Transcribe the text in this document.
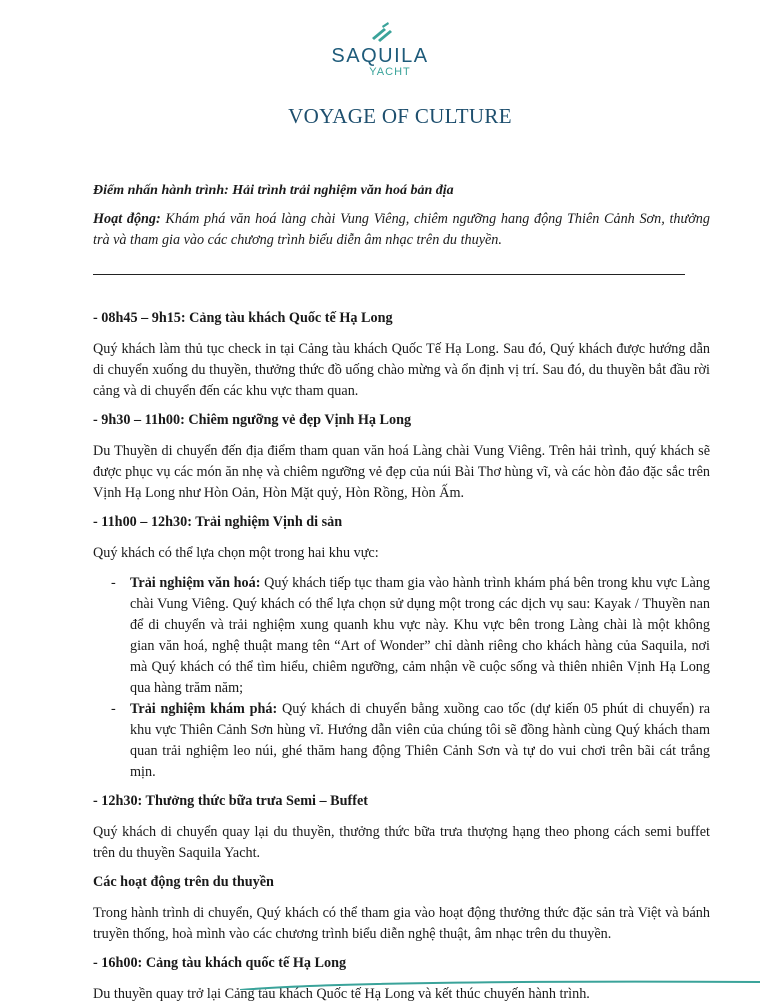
SAQUILA
YACHT
VOYAGE OF CULTURE

Điểm nhấn hành trình: Hải trình trải nghiệm văn hoá bản địa

Hoạt động: Khám phá văn hoá làng chài Vung Viêng, chiêm ngưỡng hang động Thiên Cảnh Sơn, thưởng trà và tham gia vào các chương trình biểu diễn âm nhạc trên du thuyền.

- 08h45 – 9h15: Cảng tàu khách Quốc tế Hạ Long

Quý khách làm thủ tục check in tại Cảng tàu khách Quốc Tế Hạ Long. Sau đó, Quý khách được hướng dẫn di chuyển xuống du thuyền, thưởng thức đồ uống chào mừng và ổn định vị trí. Sau đó, du thuyền bắt đầu rời cảng và di chuyển đến các khu vực tham quan.

- 9h30 – 11h00: Chiêm ngưỡng vẻ đẹp Vịnh Hạ Long

Du Thuyền di chuyển đến địa điểm tham quan văn hoá Làng chài Vung Viêng. Trên hải trình, quý khách sẽ được phục vụ các món ăn nhẹ và chiêm ngưỡng vẻ đẹp của núi Bài Thơ hùng vĩ, và các hòn đảo đặc sắc trên Vịnh Hạ Long như Hòn Oản, Hòn Mặt quỷ, Hòn Rồng, Hòn Ấm.

- 11h00 – 12h30: Trải nghiệm Vịnh di sản

Quý khách có thể lựa chọn một trong hai khu vực:

- Trải nghiệm văn hoá: Quý khách tiếp tục tham gia vào hành trình khám phá bên trong khu vực Làng chài Vung Viêng. Quý khách có thể lựa chọn sử dụng một trong các dịch vụ sau: Kayak / Thuyền nan để di chuyển và trải nghiệm xung quanh khu vực này. Khu vực bên trong Làng chài là một không gian văn hoá, nghệ thuật mang tên “Art of Wonder” chỉ dành riêng cho khách hàng của Saquila, nơi mà Quý khách có thể tìm hiểu, chiêm ngưỡng, cảm nhận về cuộc sống và thiên nhiên Vịnh Hạ Long qua hàng trăm năm;
- Trải nghiệm khám phá: Quý khách di chuyển bằng xuồng cao tốc (dự kiến 05 phút di chuyển) ra khu vực Thiên Cảnh Sơn hùng vĩ. Hướng dẫn viên của chúng tôi sẽ đồng hành cùng Quý khách tham quan trải nghiệm leo núi, ghé thăm hang động Thiên Cảnh Sơn và tự do vui chơi trên bãi cát trắng mịn.

- 12h30: Thưởng thức bữa trưa Semi – Buffet

Quý khách di chuyển quay lại du thuyền, thưởng thức bữa trưa thượng hạng theo phong cách semi buffet trên du thuyền Saquila Yacht.

Các hoạt động trên du thuyền

Trong hành trình di chuyển, Quý khách có thể tham gia vào hoạt động thưởng thức đặc sản trà Việt và bánh truyền thống, hoà mình vào các chương trình biểu diễn nghệ thuật, âm nhạc trên du thuyền.

- 16h00: Cảng tàu khách quốc tế Hạ Long

Du thuyền quay trở lại Cảng tàu khách Quốc tế Hạ Long và kết thúc chuyến hành trình.
